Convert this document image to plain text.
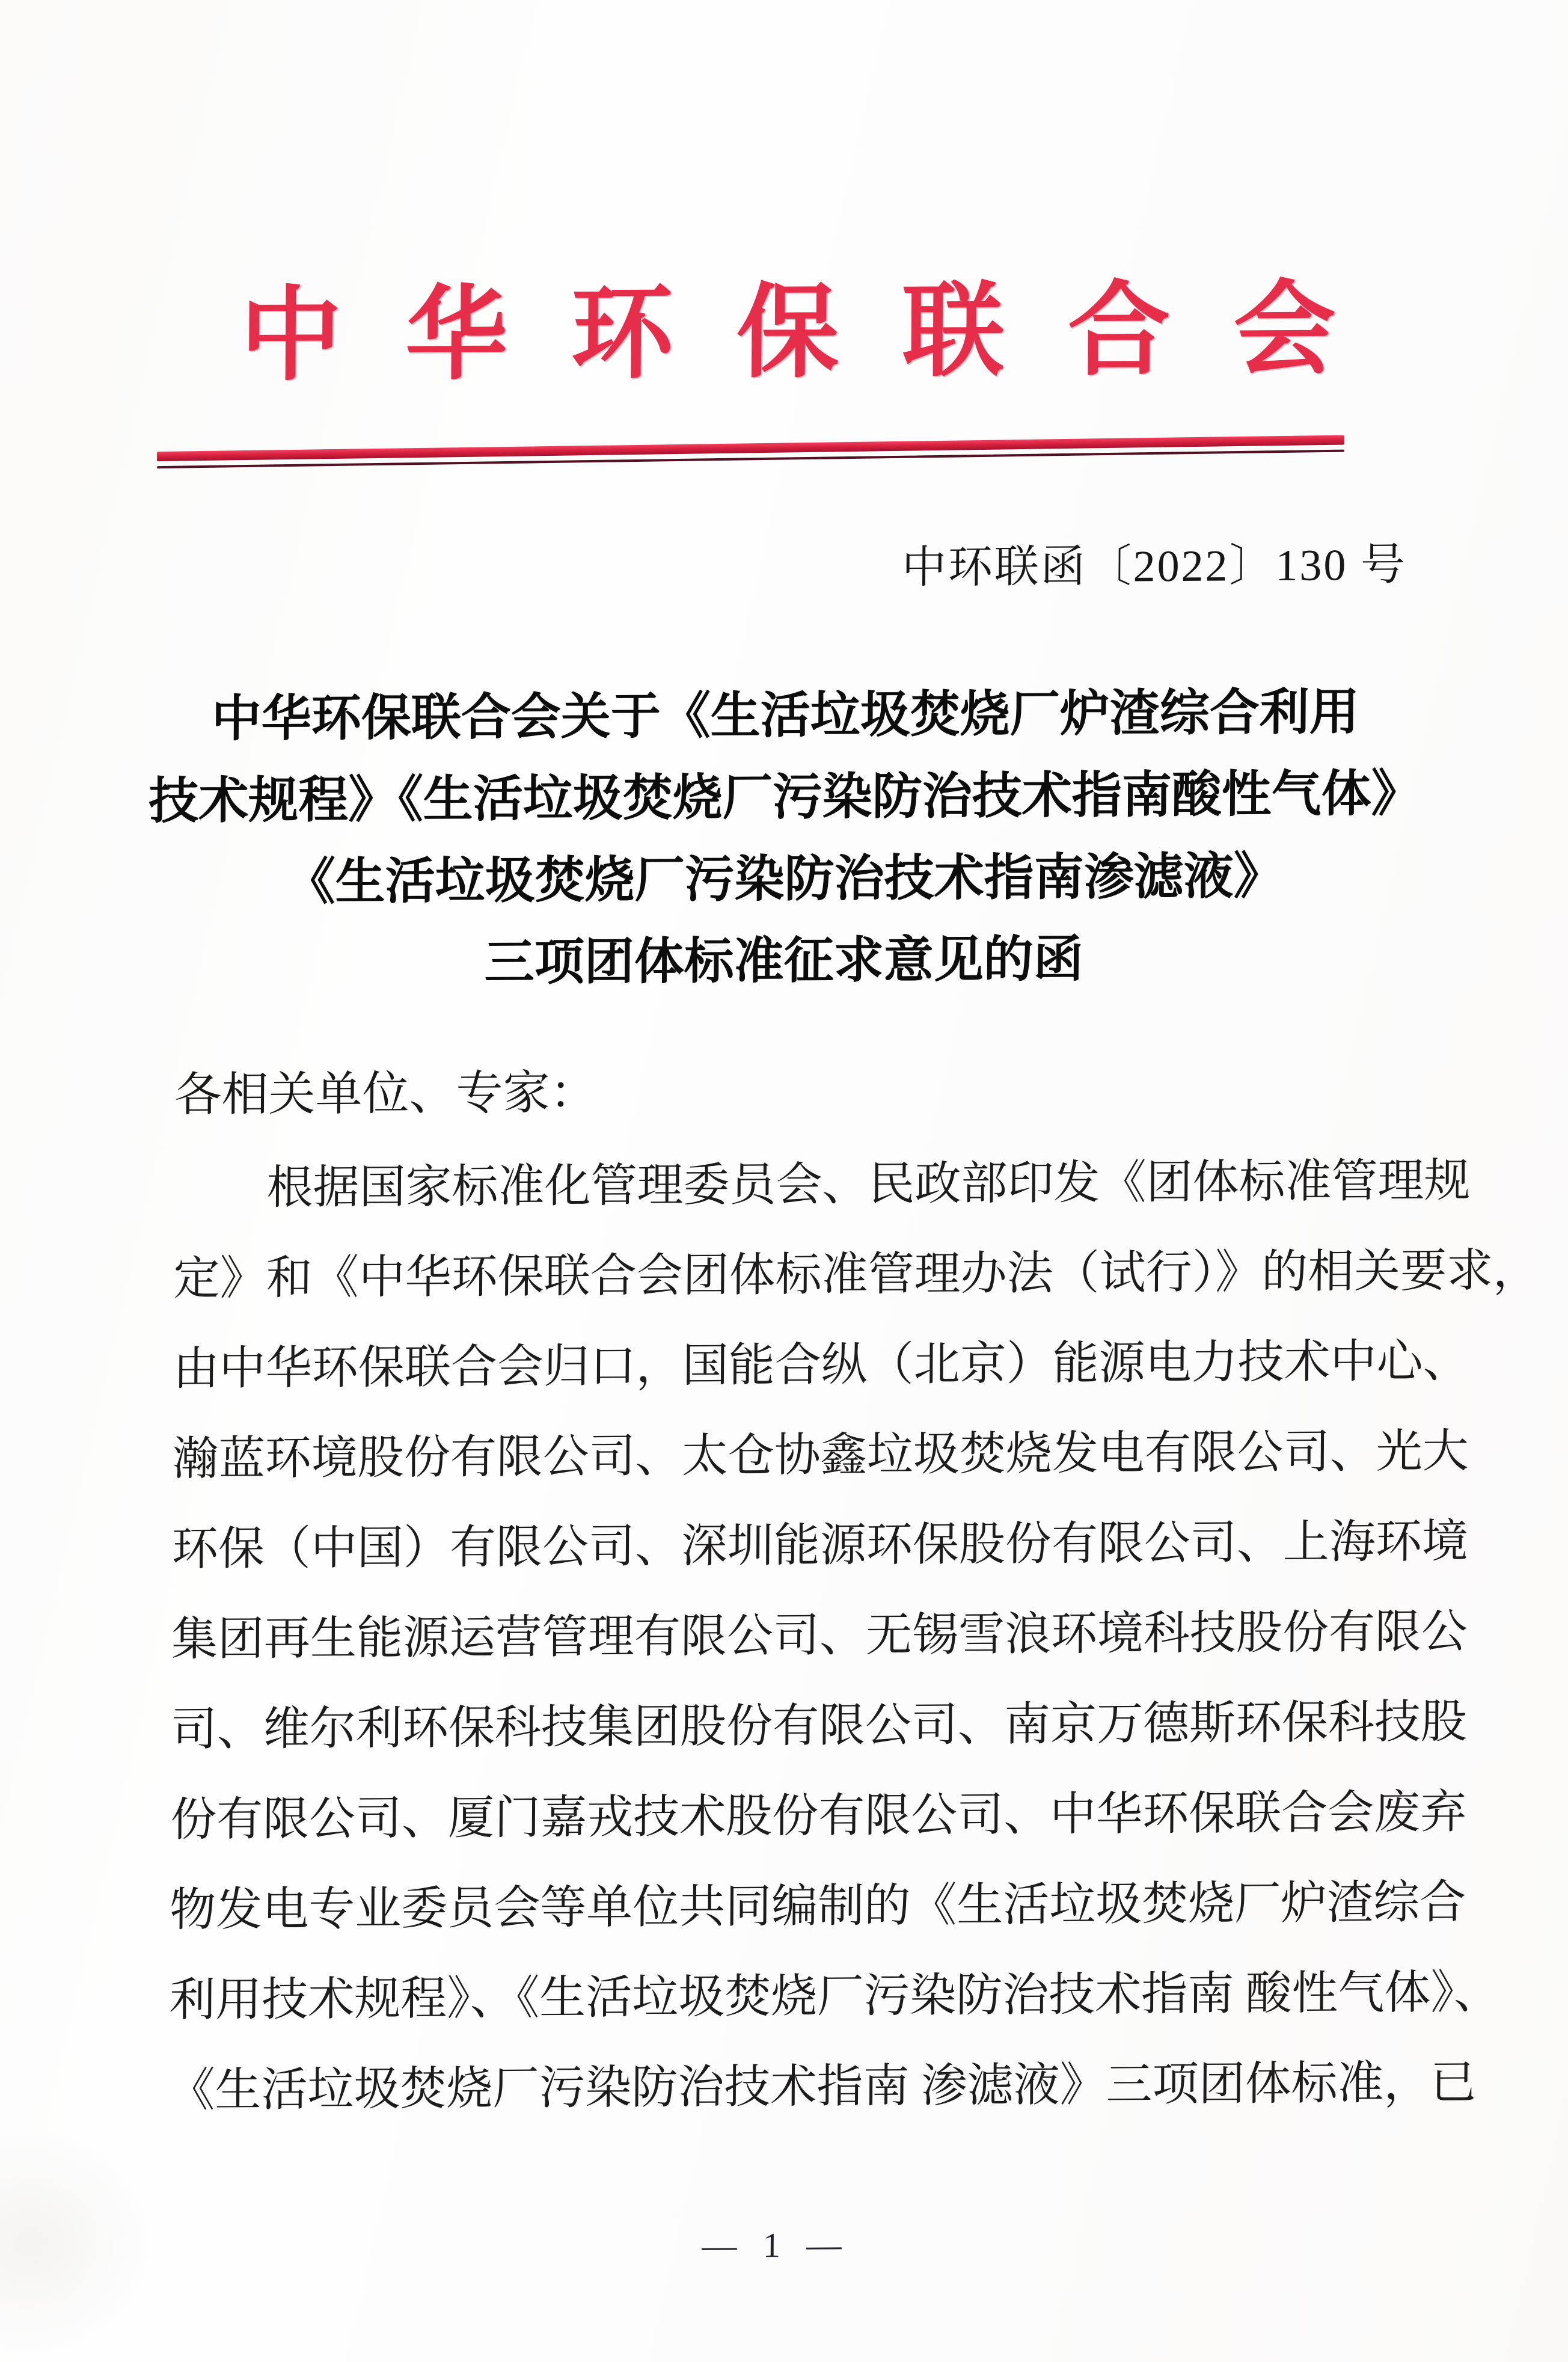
中华环保联合会
中环联函〔2022〕130 号
中华环保联合会关于《生活垃圾焚烧厂炉渣综合利用
技术规程》《生活垃圾焚烧厂污染防治技术指南酸性气体》
《生活垃圾焚烧厂污染防治技术指南渗滤液》
三项团体标准征求意见的函
各相关单位、专家：
根据国家标准化管理委员会、民政部印发《团体标准管理规
定》和《中华环保联合会团体标准管理办法（试行）》的相关要求，
由中华环保联合会归口，国能合纵（北京）能源电力技术中心、
瀚蓝环境股份有限公司、太仓协鑫垃圾焚烧发电有限公司、光大
环保（中国）有限公司、深圳能源环保股份有限公司、上海环境
集团再生能源运营管理有限公司、无锡雪浪环境科技股份有限公
司、维尔利环保科技集团股份有限公司、南京万德斯环保科技股
份有限公司、厦门嘉戎技术股份有限公司、中华环保联合会废弃
物发电专业委员会等单位共同编制的《生活垃圾焚烧厂炉渣综合
利用技术规程》、《生活垃圾焚烧厂污染防治技术指南 酸性气体》、
《生活垃圾焚烧厂污染防治技术指南 渗滤液》三项团体标准，已
— 1 —
